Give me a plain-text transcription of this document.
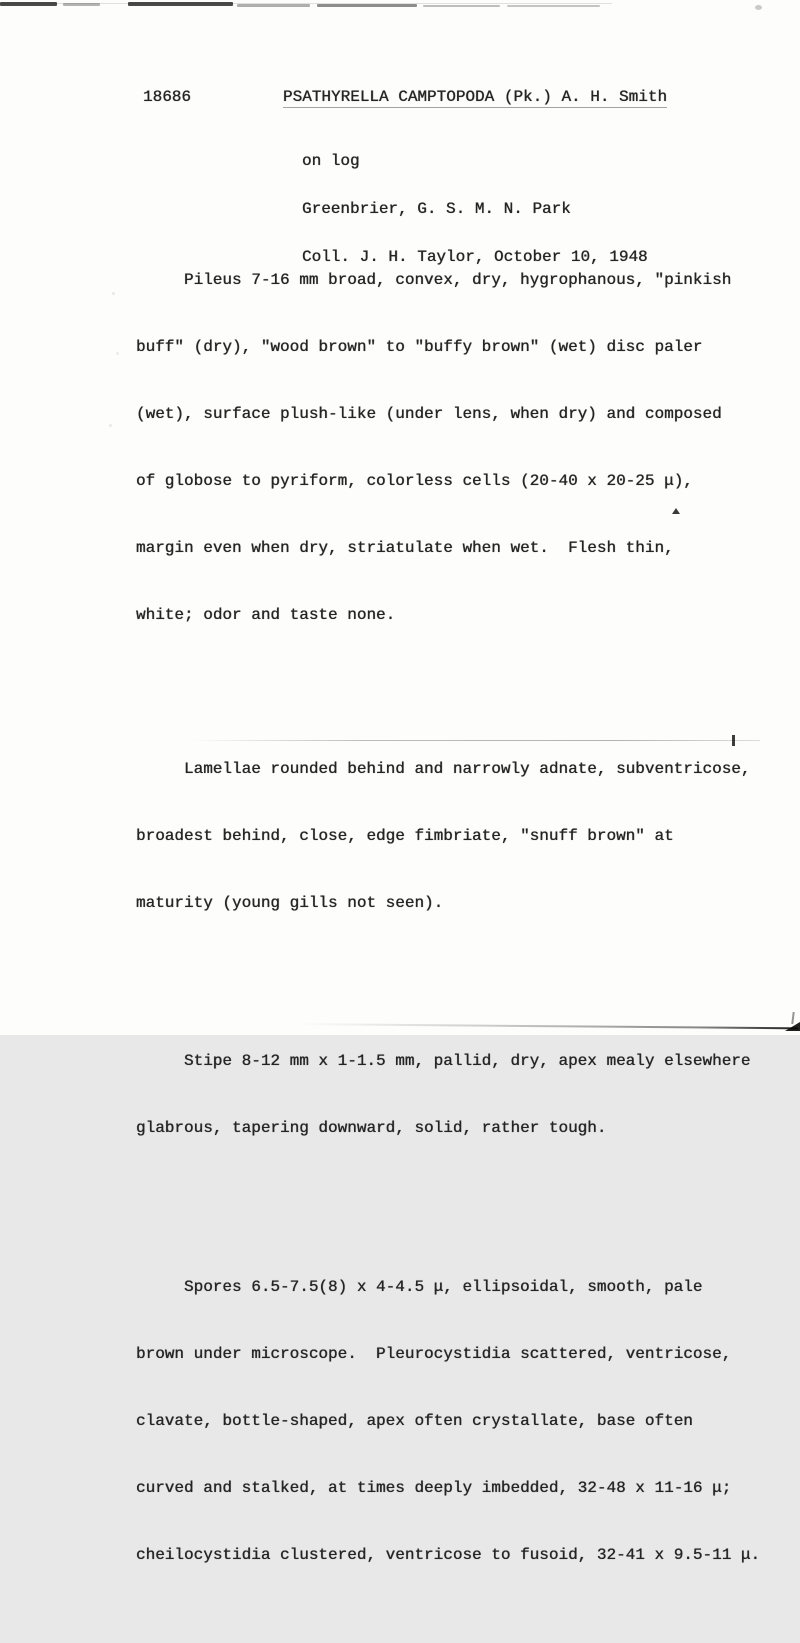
18686	PSATHYRELLA CAMPTOPODA (Pk.) A. H. Smith

on log

Greenbrier, G. S. M. N. Park

Coll. J. H. Taylor, October 10, 1948

Pileus 7-16 mm broad, convex, dry, hygrophanous, "pinkish

buff" (dry), "wood brown" to "buffy brown" (wet) disc paler

(wet), surface plush-like (under lens, when dry) and composed

of globose to pyriform, colorless cells (20-40 x 20-25 μ),

margin even when dry, striatulate when wet.  Flesh thin,

white; odor and taste none.

Lamellae rounded behind and narrowly adnate, subventricose,

broadest behind, close, edge fimbriate, "snuff brown" at

maturity (young gills not seen).

Stipe 8-12 mm x 1-1.5 mm, pallid, dry, apex mealy elsewhere

glabrous, tapering downward, solid, rather tough.

Spores 6.5-7.5(8) x 4-4.5 μ, ellipsoidal, smooth, pale

brown under microscope.  Pleurocystidia scattered, ventricose,

clavate, bottle-shaped, apex often crystallate, base often

curved and stalked, at times deeply imbedded, 32-48 x 11-16 μ;

cheilocystidia clustered, ventricose to fusoid, 32-41 x 9.5-11 μ.
